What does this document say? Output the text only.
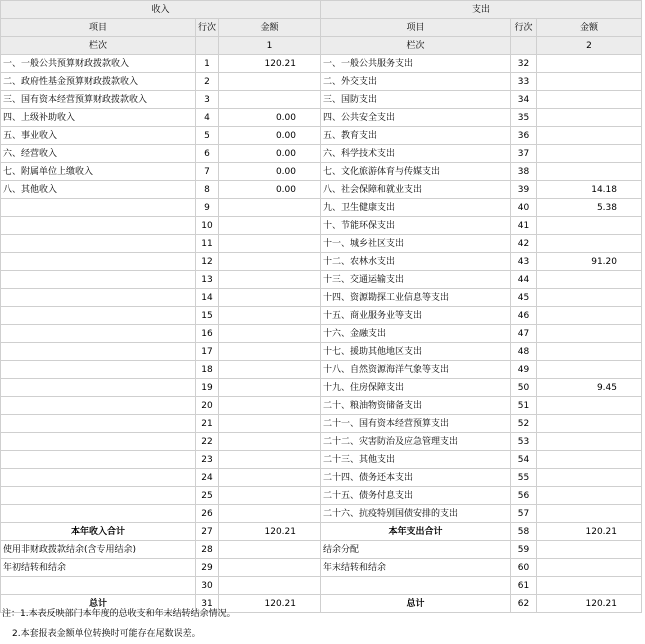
收入			支出		
项目	行次	金额	项目	行次	金额
栏次		1	栏次		2
一、一般公共预算财政拨款收入	1	120.21	一、一般公共服务支出	32	
二、政府性基金预算财政拨款收入	2		二、外交支出	33	
三、国有资本经营预算财政拨款收入	3		三、国防支出	34	
四、上级补助收入	4	0.00	四、公共安全支出	35	
五、事业收入	5	0.00	五、教育支出	36	
六、经营收入	6	0.00	六、科学技术支出	37	
七、附属单位上缴收入	7	0.00	七、文化旅游体育与传媒支出	38	
八、其他收入	8	0.00	八、社会保障和就业支出	39	14.18
	9		九、卫生健康支出	40	5.38
	10		十、节能环保支出	41	
	11		十一、城乡社区支出	42	
	12		十二、农林水支出	43	91.20
	13		十三、交通运输支出	44	
	14		十四、资源勘探工业信息等支出	45	
	15		十五、商业服务业等支出	46	
	16		十六、金融支出	47	
	17		十七、援助其他地区支出	48	
	18		十八、自然资源海洋气象等支出	49	
	19		十九、住房保障支出	50	9.45
	20		二十、粮油物资储备支出	51	
	21		二十一、国有资本经营预算支出	52	
	22		二十二、灾害防治及应急管理支出	53	
	23		二十三、其他支出	54	
	24		二十四、债务还本支出	55	
	25		二十五、债务付息支出	56	
	26		二十六、抗疫特别国债安排的支出	57	
本年收入合计	27	120.21	本年支出合计	58	120.21
使用非财政拨款结余(含专用结余)	28		结余分配	59	
年初结转和结余	29		年末结转和结余	60	
	30			61	
总计	31	120.21	总计	62	120.21
注：1.本表反映部门本年度的总收支和年末结转结余情况。
2.本套报表金额单位转换时可能存在尾数误差。
